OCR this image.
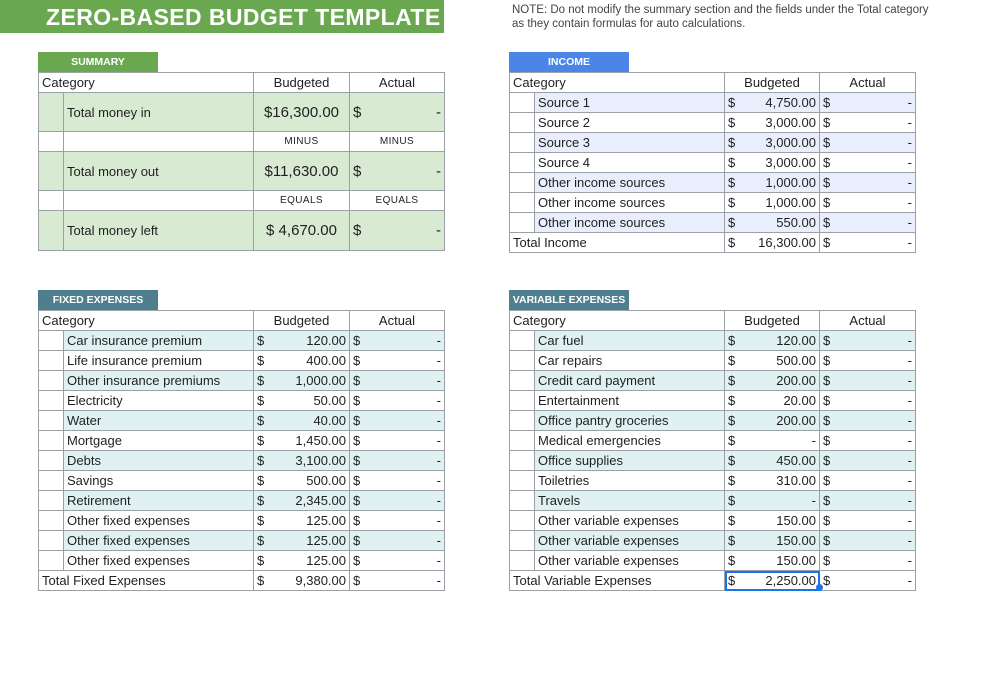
ZERO-BASED BUDGET TEMPLATE	NOTE: Do not modify the summary section and the fields under the Total category as they contain formulas for auto calculations.
SUMMARY
Category		Budgeted	Actual
	Total money in	$16,300.00	$ -

		MINUS	MINUS
	Total money out	$11,630.00	$ -

		EQUALS	EQUALS
	Total money left	$ 4,670.00	$ -
INCOME
Category		Budgeted	Actual
	Source 1	$ 4,750.00	$ -

	Source 2	$ 3,000.00	$ -

	Source 3	$ 3,000.00	$ -

	Source 4	$ 3,000.00	$ -

	Other income sources	$ 1,000.00	$ -

	Other income sources	$ 1,000.00	$ -

	Other income sources	$ 550.00	$ -

Total Income		$ 16,300.00	$ -
FIXED EXPENSES
Category		Budgeted	Actual
	Car insurance premium	$ 120.00	$ -

	Life insurance premium	$ 400.00	$ -

	Other insurance premiums	$ 1,000.00	$ -

	Electricity	$ 50.00	$ -

	Water	$ 40.00	$ -

	Mortgage	$ 1,450.00	$ -

	Debts	$ 3,100.00	$ -

	Savings	$ 500.00	$ -

	Retirement	$ 2,345.00	$ -

	Other fixed expenses	$ 125.00	$ -

	Other fixed expenses	$ 125.00	$ -

	Other fixed expenses	$ 125.00	$ -

Total Fixed Expenses		$ 9,380.00	$ -
VARIABLE EXPENSES
Category		Budgeted	Actual
	Car fuel	$ 120.00	$ -

	Car repairs	$ 500.00	$ -

	Credit card payment	$ 200.00	$ -

	Entertainment	$ 20.00	$ -

	Office pantry groceries	$ 200.00	$ -

	Medical emergencies	$ -	$ -

	Office supplies	$ 450.00	$ -

	Toiletries	$ 310.00	$ -

	Travels	$ -	$ -

	Other variable expenses	$ 150.00	$ -

	Other variable expenses	$ 150.00	$ -

	Other variable expenses	$ 150.00	$ -

Total Variable Expenses		$ 2,250.00	$ -
